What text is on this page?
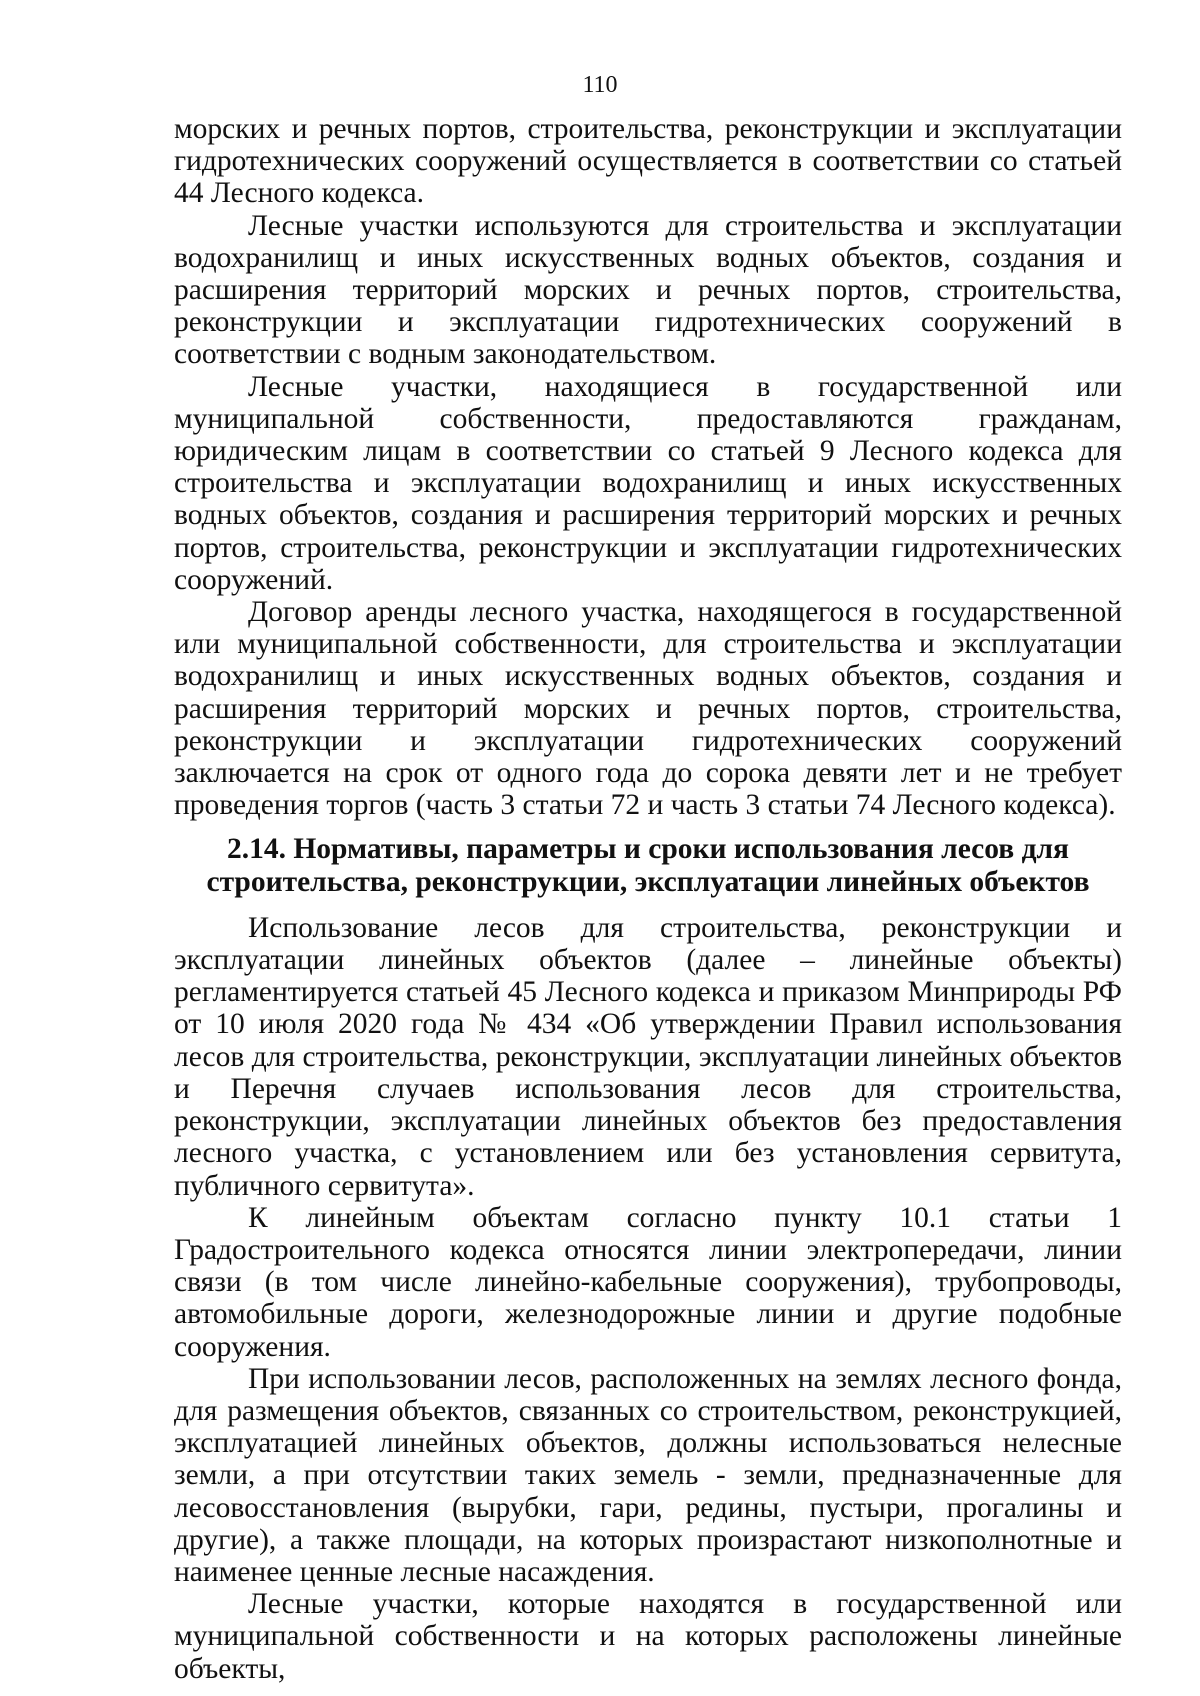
110

морских и речных портов, строительства, реконструкции и эксплуатации гидротехнических сооружений осуществляется в соответствии со статьей 44 Лесного кодекса.

Лесные участки используются для строительства и эксплуатации водохранилищ и иных искусственных водных объектов, создания и расширения территорий морских и речных портов, строительства, реконструкции и эксплуатации гидротехнических сооружений в соответствии с водным законодательством.

Лесные участки, находящиеся в государственной или муниципальной собственности, предоставляются гражданам, юридическим лицам в соответствии со статьей 9 Лесного кодекса для строительства и эксплуатации водохранилищ и иных искусственных водных объектов, создания и расширения территорий морских и речных портов, строительства, реконструкции и эксплуатации гидротехнических сооружений.

Договор аренды лесного участка, находящегося в государственной или муниципальной собственности, для строительства и эксплуатации водохранилищ и иных искусственных водных объектов, создания и расширения территорий морских и речных портов, строительства, реконструкции и эксплуатации гидротехнических сооружений заключается на срок от одного года до сорока девяти лет и не требует проведения торгов (часть 3 статьи 72 и часть 3 статьи 74 Лесного кодекса).

2.14. Нормативы, параметры и сроки использования лесов для
строительства, реконструкции, эксплуатации линейных объектов

Использование лесов для строительства, реконструкции и эксплуатации линейных объектов (далее – линейные объекты) регламентируется статьей 45 Лесного кодекса и приказом Минприроды РФ от 10 июля 2020 года № 434 «Об утверждении Правил использования лесов для строительства, реконструкции, эксплуатации линейных объектов и Перечня случаев использования лесов для строительства, реконструкции, эксплуатации линейных объектов без предоставления лесного участка, с установлением или без установления сервитута, публичного сервитута».

К линейным объектам согласно пункту 10.1 статьи 1 Градостроительного кодекса относятся линии электропередачи, линии связи (в том числе линейно-кабельные сооружения), трубопроводы, автомобильные дороги, железнодорожные линии и другие подобные сооружения.

При использовании лесов, расположенных на землях лесного фонда, для размещения объектов, связанных со строительством, реконструкцией, эксплуатацией линейных объектов, должны использоваться нелесные земли, а при отсутствии таких земель - земли, предназначенные для лесовосстановления (вырубки, гари, редины, пустыри, прогалины и другие), а также площади, на которых произрастают низкополнотные и наименее ценные лесные насаждения.

Лесные участки, которые находятся в государственной или муниципальной собственности и на которых расположены линейные объекты,
